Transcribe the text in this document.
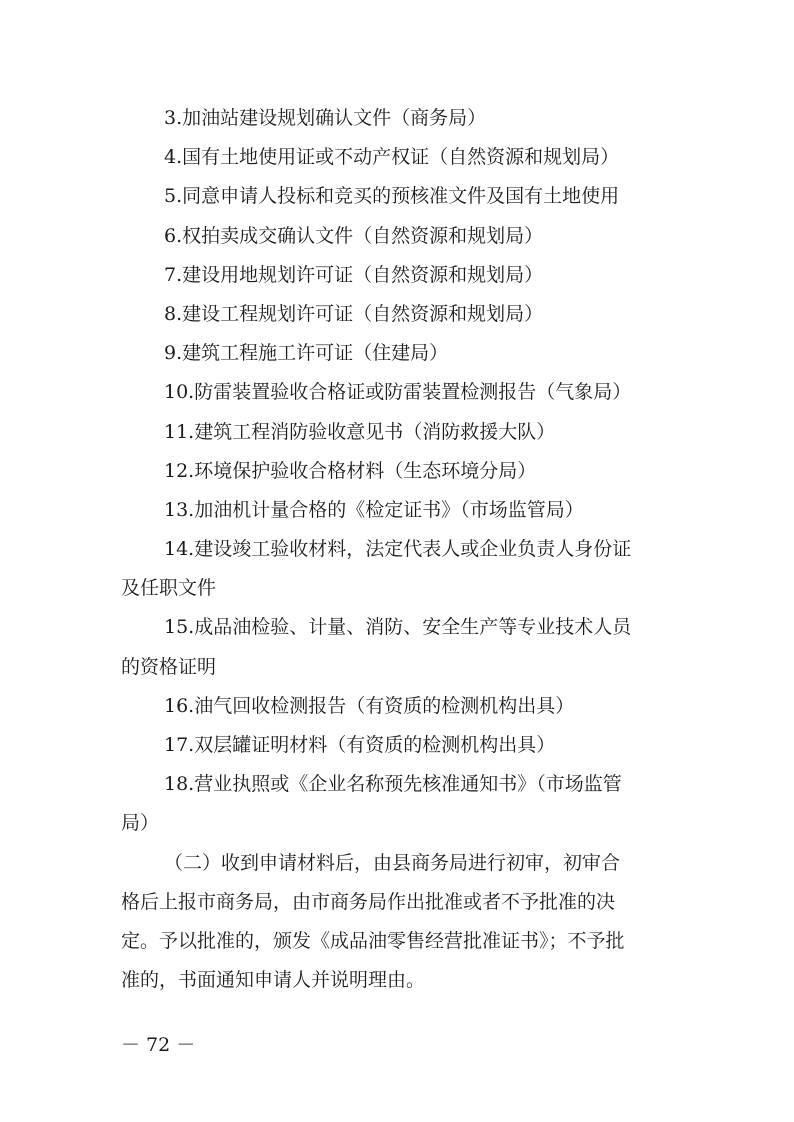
3.加油站建设规划确认文件（商务局）
4.国有土地使用证或不动产权证（自然资源和规划局）
5.同意申请人投标和竞买的预核准文件及国有土地使用
6.权拍卖成交确认文件（自然资源和规划局）
7.建设用地规划许可证（自然资源和规划局）
8.建设工程规划许可证（自然资源和规划局）
9.建筑工程施工许可证（住建局）
10.防雷装置验收合格证或防雷装置检测报告（气象局）
11.建筑工程消防验收意见书（消防救援大队）
12.环境保护验收合格材料（生态环境分局）
13.加油机计量合格的《检定证书》（市场监管局）
14.建设竣工验收材料，法定代表人或企业负责人身份证
及任职文件
15.成品油检验、计量、消防、安全生产等专业技术人员
的资格证明
16.油气回收检测报告（有资质的检测机构出具）
17.双层罐证明材料（有资质的检测机构出具）
18.营业执照或《企业名称预先核准通知书》（市场监管
局）
（二）收到申请材料后，由县商务局进行初审，初审合
格后上报市商务局，由市商务局作出批准或者不予批准的决
定。予以批准的，颁发《成品油零售经营批准证书》；不予批
准的，书面通知申请人并说明理由。
－ 72 －
